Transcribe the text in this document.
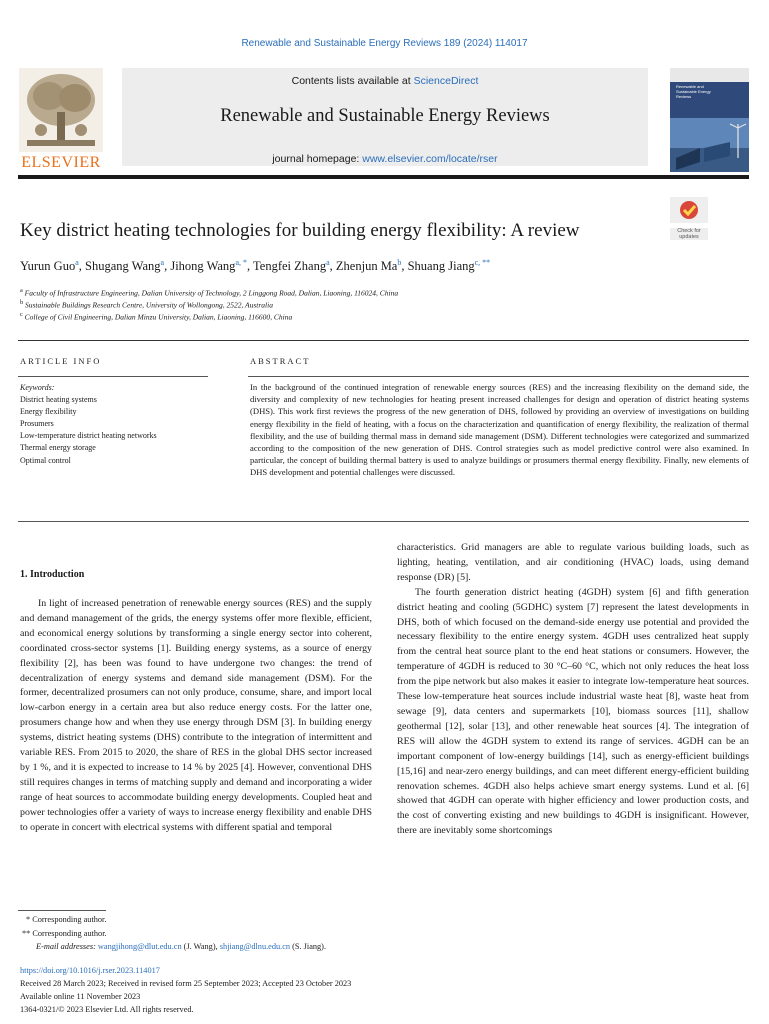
Renewable and Sustainable Energy Reviews 189 (2024) 114017
ELSEVIER
Contents lists available at ScienceDirect
Renewable and Sustainable Energy Reviews
journal homepage: www.elsevier.com/locate/rser
Renewable and Sustainable Energy Reviews
Check for updates
Key district heating technologies for building energy flexibility: A review
Yurun Guo$^a$, Shugang Wang$^a$, Jihong Wang$^{a, *}$, Tengfei Zhang$^a$, Zhenjun Ma$^b$, Shuang Jiang$^{c, **}$
$^a$ Faculty of Infrastructure Engineering, Dalian University of Technology, 2 Linggong Road, Dalian, Liaoning, 116024, China
$^b$ Sustainable Buildings Research Centre, University of Wollongong, 2522, Australia
$^c$ College of Civil Engineering, Dalian Minzu University, Dalian, Liaoning, 116600, China
ARTICLE INFO
Keywords:
District heating systems
Energy flexibility
Prosumers
Low-temperature district heating networks
Thermal energy storage
Optimal control
ABSTRACT
In the background of the continued integration of renewable energy sources (RES) and the increasing flexibility on the demand side, the diversity and complexity of new technologies for heating present increased challenges for design and operation of district heating systems (DHS). This work first reviews the progress of the new generation of DHS, followed by providing an overview of investigations on building energy flexibility in the field of heating, with a focus on the characterization and quantification of energy flexibility, the realization of thermal flexibility, and the use of building thermal mass in demand side management (DSM). Different technologies were categorized and summarized according to the composition of the new generation of DHS. Control strategies such as model predictive control were also examined. In particular, the concept of building thermal battery is used to analyze buildings or prosumers thermal energy flexibility. Finally, new elements of DHS development and potential challenges were discussed.
1. Introduction

In light of increased penetration of renewable energy sources (RES) and the supply and demand management of the grids, the energy systems offer more flexible, efficient, and economical energy solutions by transforming a single energy sector into coherent, coordinated cross-sector systems [1]. Building energy systems, as a source of energy flexibility [2], has been was found to have undergone two changes: the trend of decentralization of energy systems and demand side management (DSM). For the former, decentralized prosumers can not only produce, consume, share, and import local low-carbon energy in a certain area but also reduce energy costs. For the latter one, prosumers change how and when they use energy through DSM [3]. In building energy systems, district heating systems (DHS) contribute to the integration of intermittent and variable RES. From 2015 to 2020, the share of RES in the global DHS sector increased by 1 %, and it is expected to increase to 14 % by 2025 [4]. However, conventional DHS still requires changes in terms of matching supply and demand and incorporating a wider range of heat sources to accommodate building energy developments. Coupled heat and power technologies offer a variety of ways to increase energy flexibility and enable DHS to operate in concert with electrical systems with different spatial and temporal

characteristics. Grid managers are able to regulate various building loads, such as lighting, heating, ventilation, and air conditioning (HVAC) loads, using demand response (DR) [5].

The fourth generation district heating (4GDH) system [6] and fifth generation district heating and cooling (5GDHC) system [7] represent the latest developments in DHS, both of which focused on the demand-side energy use potential and provided the necessary flexibility to the entire energy system. 4GDH uses centralized heat supply from the central heat source plant to the end heat stations or consumers. However, the temperature of 4GDH is reduced to 30 °C–60 °C, which not only reduces the heat loss from the pipe network but also makes it easier to integrate low-temperature heat sources. These low-temperature heat sources include industrial waste heat [8], waste heat from sewage [9], data centers and supermarkets [10], biomass sources [11], shallow geothermal [12], solar [13], and other renewable heat sources [4]. The integration of RES will allow the 4GDH system to extend its range of services. 4GDH can be an important component of low-energy buildings [14], such as energy-efficient buildings [15,16] and near-zero energy buildings, and can meet different energy-efficient building renovation schemes. 4GDH also helps achieve smart energy systems. Lund et al. [6] showed that 4GDH can operate with higher efficiency and lower production costs, and the cost of converting existing and new buildings to 4GDH is insignificant. However, there are inevitably some shortcomings

* Corresponding author.
** Corresponding author.
E-mail addresses: wangjihong@dlut.edu.cn (J. Wang), shjiang@dlnu.edu.cn (S. Jiang).
https://doi.org/10.1016/j.rser.2023.114017
Received 28 March 2023; Received in revised form 25 September 2023; Accepted 23 October 2023
Available online 11 November 2023
1364-0321/© 2023 Elsevier Ltd. All rights reserved.
